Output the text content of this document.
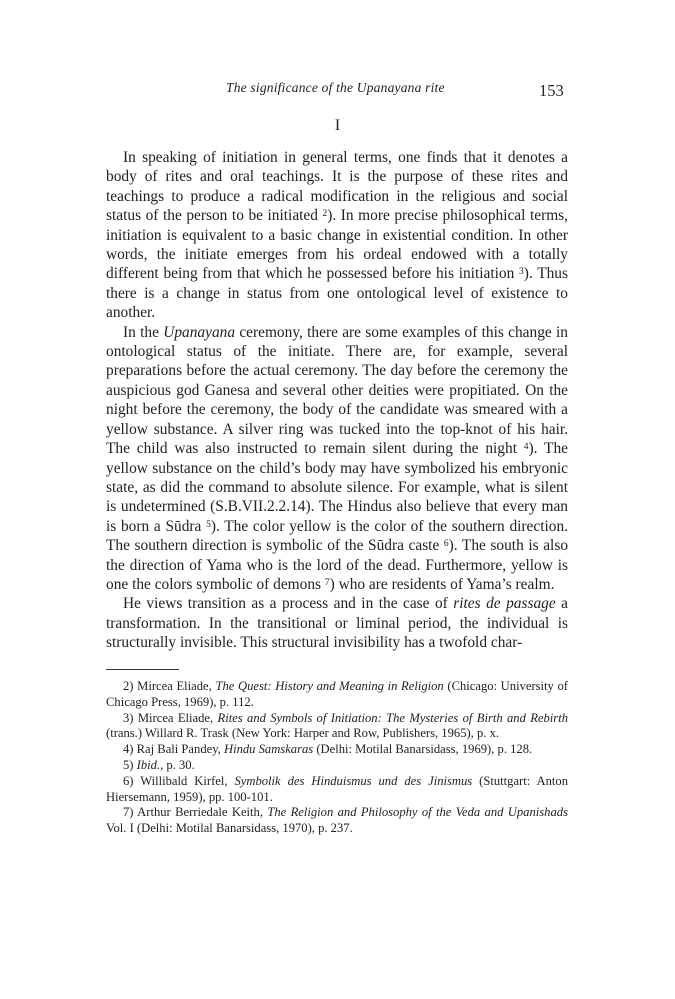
The significance of the Upanayana rite	153
I

In speaking of initiation in general terms, one finds that it denotes a body of rites and oral teachings. It is the purpose of these rites and teachings to produce a radical modification in the religious and social status of the person to be initiated $^2$). In more precise philosophical terms, initiation is equivalent to a basic change in existential condition. In other words, the initiate emerges from his ordeal endowed with a totally different being from that which he possessed before his initiation $^3$). Thus there is a change in status from one ontological level of existence to another.

In the Upanayana ceremony, there are some examples of this change in ontological status of the initiate. There are, for example, several preparations before the actual ceremony. The day before the ceremony the auspicious god Ganesa and several other deities were propitiated. On the night before the ceremony, the body of the candidate was smeared with a yellow substance. A silver ring was tucked into the top-knot of his hair. The child was also instructed to remain silent during the night $^4$). The yellow substance on the child’s body may have symbolized his embryonic state, as did the command to absolute silence. For example, what is silent is undetermined (S.B.VII.2.2.14). The Hindus also believe that every man is born a Sūdra $^5$). The color yellow is the color of the southern direction. The southern direction is symbolic of the Sūdra caste $^6$). The south is also the direction of Yama who is the lord of the dead. Furthermore, yellow is one the colors symbolic of demons $^7$) who are residents of Yama’s realm.

He views transition as a process and in the case of rites de passage a transformation. In the transitional or liminal period, the individual is structurally invisible. This structural invisibility has a twofold char-

2) Mircea Eliade, The Quest: History and Meaning in Religion (Chicago: University of Chicago Press, 1969), p. 112.

3) Mircea Eliade, Rites and Symbols of Initiation: The Mysteries of Birth and Rebirth (trans.) Willard R. Trask (New York: Harper and Row, Publishers, 1965), p. x.

4) Raj Bali Pandey, Hindu Samskaras (Delhi: Motilal Banarsidass, 1969), p. 128.

5) Ibid., p. 30.

6) Willibald Kirfel, Symbolik des Hinduismus und des Jinismus (Stuttgart: Anton Hiersemann, 1959), pp. 100-101.

7) Arthur Berriedale Keith, The Religion and Philosophy of the Veda and Upanishads Vol. I (Delhi: Motilal Banarsidass, 1970), p. 237.
